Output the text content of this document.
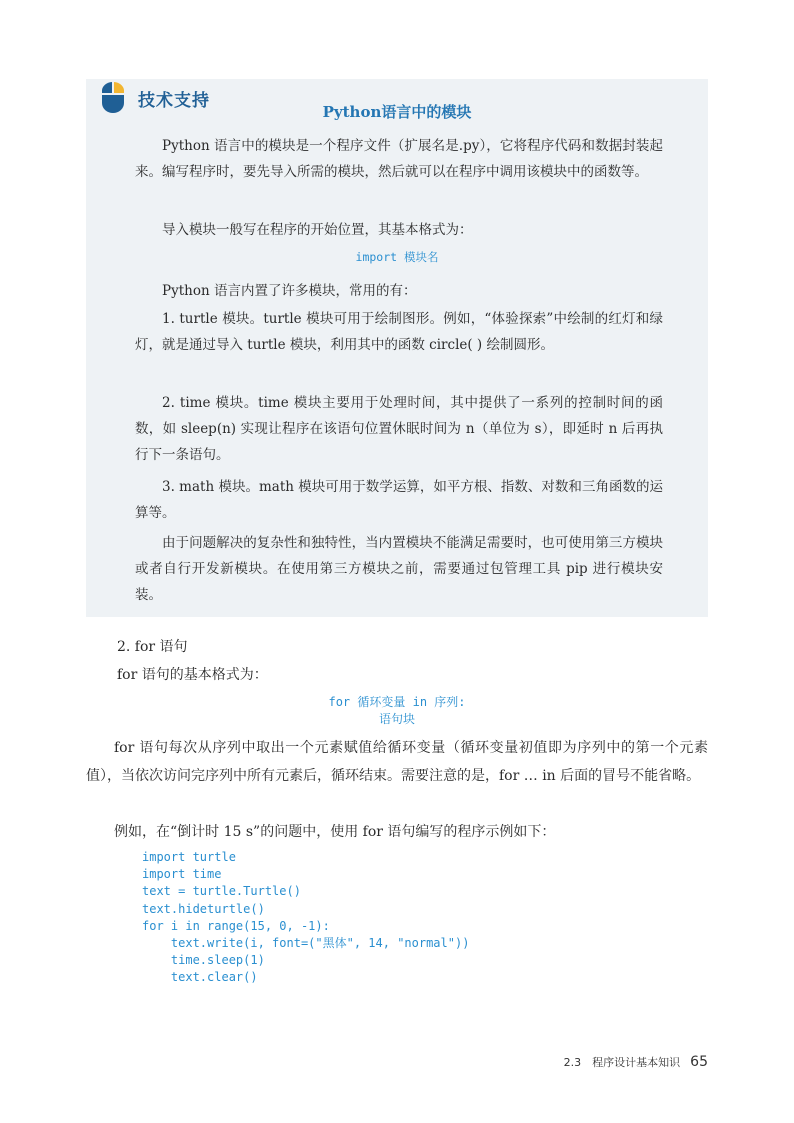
技术支持
Python语言中的模块
Python 语言中的模块是一个程序文件（扩展名是.py），它将程序代码和数据封装起来。编写程序时，要先导入所需的模块，然后就可以在程序中调用该模块中的函数等。
导入模块一般写在程序的开始位置，其基本格式为：
import 模块名
Python 语言内置了许多模块，常用的有：
1. turtle 模块。turtle 模块可用于绘制图形。例如，“体验探索”中绘制的红灯和绿灯，就是通过导入 turtle 模块，利用其中的函数 circle( ) 绘制圆形。
2. time 模块。time 模块主要用于处理时间，其中提供了一系列的控制时间的函数，如 sleep(n) 实现让程序在该语句位置休眠时间为 n（单位为 s），即延时 n 后再执行下一条语句。
3. math 模块。math 模块可用于数学运算，如平方根、指数、对数和三角函数的运算等。
由于问题解决的复杂性和独特性，当内置模块不能满足需要时，也可使用第三方模块或者自行开发新模块。在使用第三方模块之前，需要通过包管理工具 pip 进行模块安装。
2. for 语句
for 语句的基本格式为：
for 循环变量 in 序列:
语句块
for 语句每次从序列中取出一个元素赋值给循环变量（循环变量初值即为序列中的第一个元素值），当依次访问完序列中所有元素后，循环结束。需要注意的是，for … in 后面的冒号不能省略。
例如，在“倒计时 15 s”的问题中，使用 for 语句编写的程序示例如下：
import turtle
import time
text = turtle.Turtle()
text.hideturtle()
for i in range(15, 0, -1):
text.write(i, font=("黑体", 14, "normal"))
time.sleep(1)
text.clear()
2.3　程序设计基本知识 65
